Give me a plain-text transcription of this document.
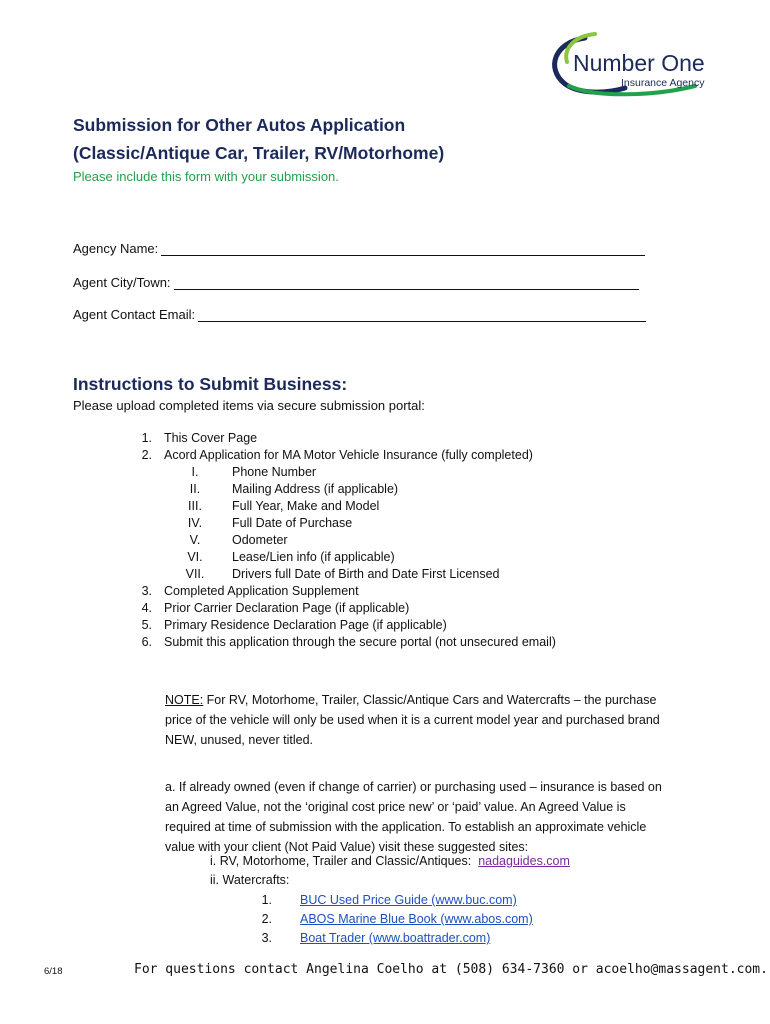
Number One
Insurance Agency
Submission for Other Autos Application
(Classic/Antique Car, Trailer, RV/Motorhome)
Please include this form with your submission.
Agency Name:
Agent City/Town:
Agent Contact Email:
Instructions to Submit Business:
Please upload completed items via secure submission portal:
1. This Cover Page
2. Acord Application for MA Motor Vehicle Insurance (fully completed)
I.	Phone Number
II.	Mailing Address (if applicable)
III.	Full Year, Make and Model
IV.	Full Date of Purchase
V.	Odometer
VI.	Lease/Lien info (if applicable)
VII.	Drivers full Date of Birth and Date First Licensed
3. Completed Application Supplement
4. Prior Carrier Declaration Page (if applicable)
5. Primary Residence Declaration Page (if applicable)
6. Submit this application through the secure portal (not unsecured email)
NOTE: For RV, Motorhome, Trailer, Classic/Antique Cars and Watercrafts – the purchase
price of the vehicle will only be used when it is a current model year and purchased brand
NEW, unused, never titled.
a. If already owned (even if change of carrier) or purchasing used – insurance is based on
an Agreed Value, not the ‘original cost price new’ or ‘paid’ value. An Agreed Value is
required at time of submission with the application. To establish an approximate vehicle
value with your client (Not Paid Value) visit these suggested sites:
i. RV, Motorhome, Trailer and Classic/Antiques: nadaguides.com
ii. Watercrafts:
1. BUC Used Price Guide (www.buc.com)
2. ABOS Marine Blue Book (www.abos.com)
3. Boat Trader (www.boattrader.com)
6/18	For questions contact Angelina Coelho at (508) 634-7360 or acoelho@massagent.com.
